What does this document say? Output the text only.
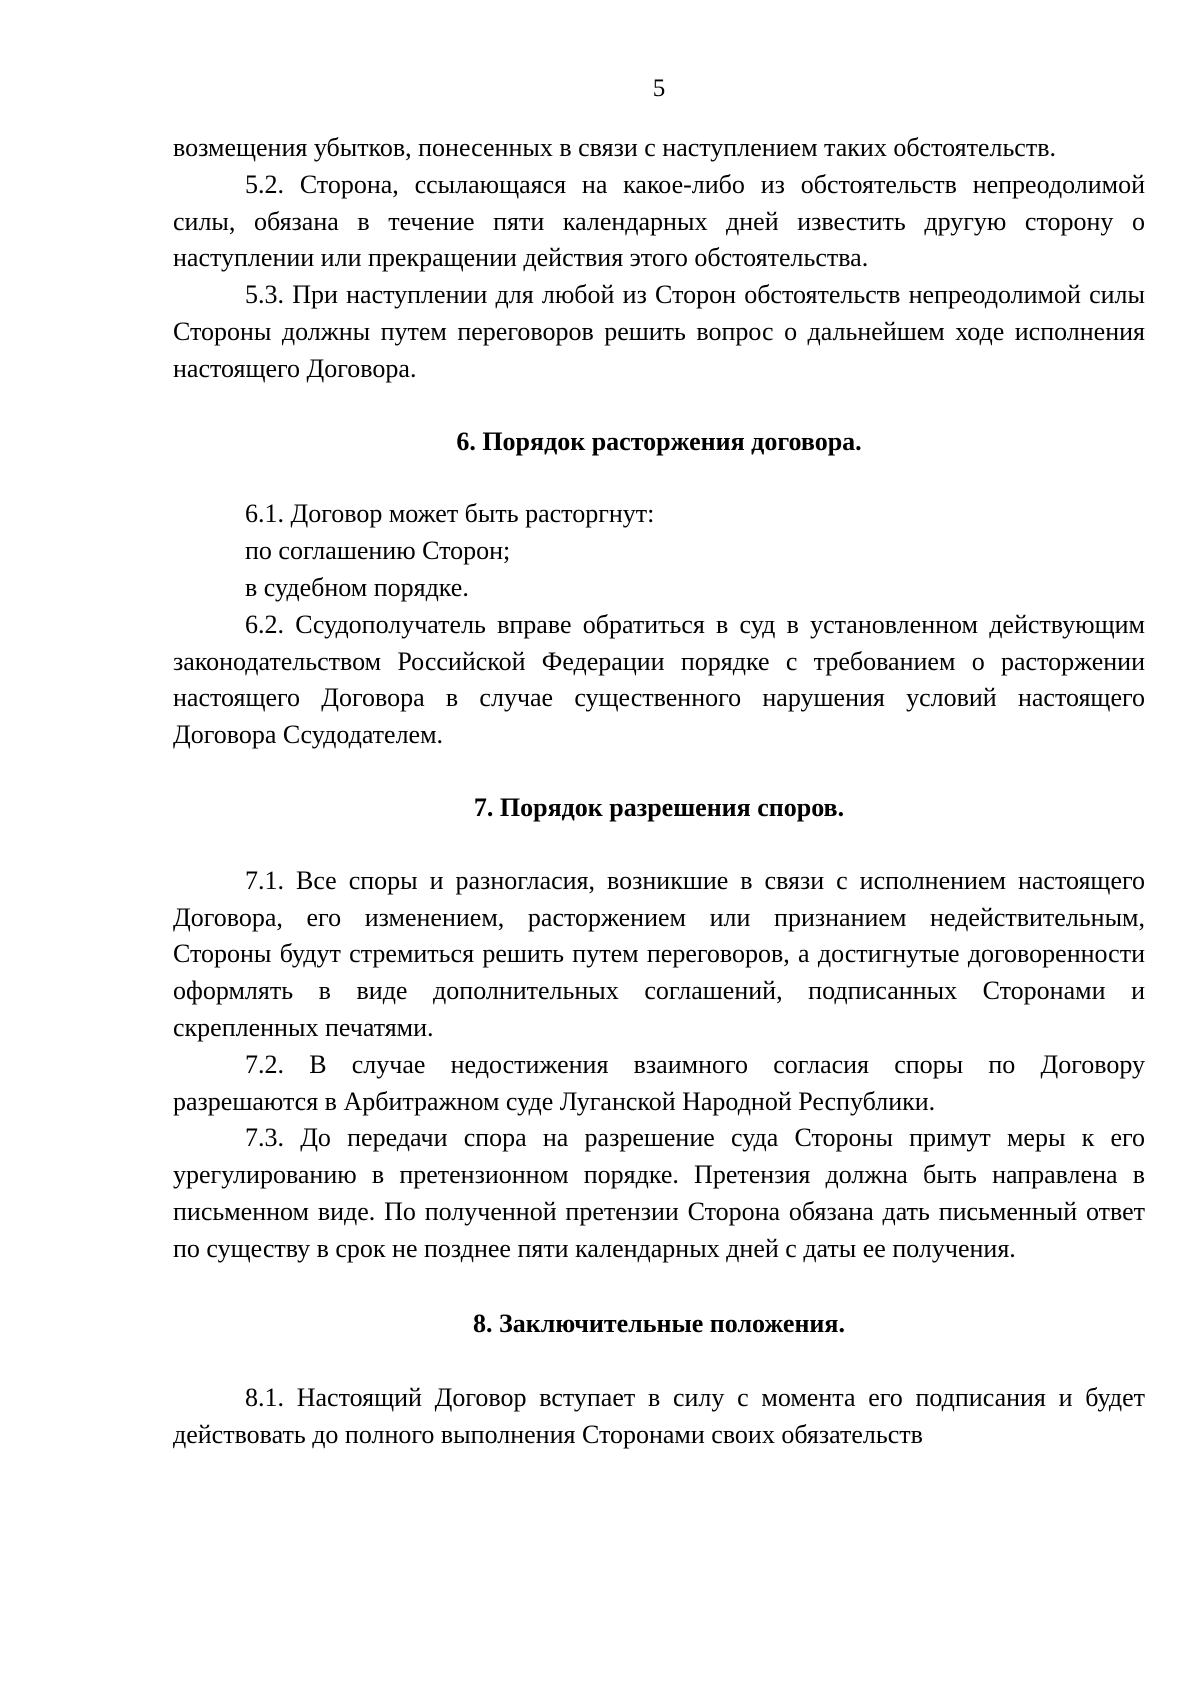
5

возмещения убытков, понесенных в связи с наступлением таких обстоятельств.

5.2. Сторона, ссылающаяся на какое-либо из обстоятельств непреодолимой силы, обязана в течение пяти календарных дней известить другую сторону о наступлении или прекращении действия этого обстоятельства.

5.3. При наступлении для любой из Сторон обстоятельств непреодолимой силы Стороны должны путем переговоров решить вопрос о дальнейшем ходе исполнения настоящего Договора.

6. Порядок расторжения договора.

6.1. Договор может быть расторгнут:

по соглашению Сторон;

в судебном порядке.

6.2. Ссудополучатель вправе обратиться в суд в установленном действующим законодательством Российской Федерации порядке с требованием о расторжении настоящего Договора в случае существенного нарушения условий настоящего Договора Ссудодателем.

7. Порядок разрешения споров.

7.1. Все споры и разногласия, возникшие в связи с исполнением настоящего Договора, его изменением, расторжением или признанием недействительным, Стороны будут стремиться решить путем переговоров, а достигнутые договоренности оформлять в виде дополнительных соглашений, подписанных Сторонами и скрепленных печатями.

7.2. В случае недостижения взаимного согласия споры по Договору разрешаются в Арбитражном суде Луганской Народной Республики.

7.3. До передачи спора на разрешение суда Стороны примут меры к его урегулированию в претензионном порядке. Претензия должна быть направлена в письменном виде. По полученной претензии Сторона обязана дать письменный ответ по существу в срок не позднее пяти календарных дней с даты ее получения.

8. Заключительные положения.

8.1. Настоящий Договор вступает в силу с момента его подписания и будет действовать до полного выполнения Сторонами своих обязательств
